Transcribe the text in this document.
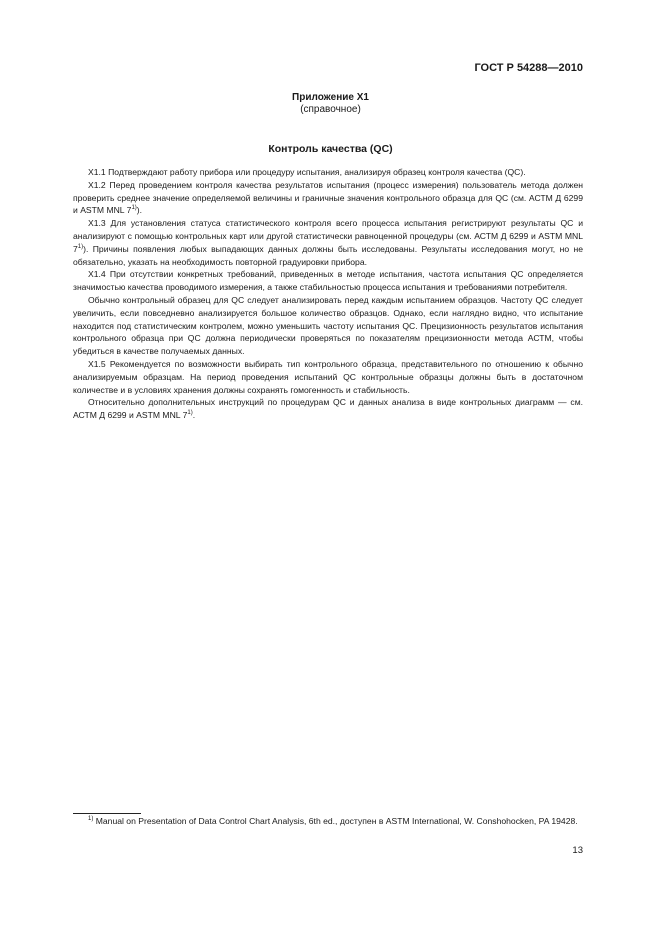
ГОСТ Р 54288—2010
Приложение X1
(справочное)
Контроль качества (QC)

X1.1 Подтверждают работу прибора или процедуру испытания, анализируя образец контроля качества (QC).

X1.2 Перед проведением контроля качества результатов испытания (процесс измерения) пользователь метода должен проверить среднее значение определяемой величины и граничные значения контрольного образца для QC (см. АСТМ Д 6299 и ASTM MNL 7$^{1)}$).

X1.3 Для установления статуса статистического контроля всего процесса испытания регистрируют результаты QC и анализируют с помощью контрольных карт или другой статистически равноценной процедуры (см. АСТМ Д 6299 и ASTM MNL 7$^{1)}$). Причины появления любых выпадающих данных должны быть исследованы. Результаты исследования могут, но не обязательно, указать на необходимость повторной градуировки прибора.

X1.4 При отсутствии конкретных требований, приведенных в методе испытания, частота испытания QC определяется значимостью качества проводимого измерения, а также стабильностью процесса испытания и требованиями потребителя.

Обычно контрольный образец для QC следует анализировать перед каждым испытанием образцов. Частоту QC следует увеличить, если повседневно анализируется большое количество образцов. Однако, если наглядно видно, что испытание находится под статистическим контролем, можно уменьшить частоту испытания QC. Прецизионность результатов испытания контрольного образца при QC должна периодически проверяться по показателям прецизионности метода АСТМ, чтобы убедиться в качестве получаемых данных.

X1.5 Рекомендуется по возможности выбирать тип контрольного образца, представительного по отношению к обычно анализируемым образцам. На период проведения испытаний QC контрольные образцы должны быть в достаточном количестве и в условиях хранения должны сохранять гомогенность и стабильность.

Относительно дополнительных инструкций по процедурам QC и данных анализа в виде контрольных диаграмм — см. АСТМ Д 6299 и ASTM MNL 7$^{1)}$.

$^{1)}$ Manual on Presentation of Data Control Chart Analysis, 6th ed., доступен в ASTM International, W. Conshohocken, PA 19428.

13
